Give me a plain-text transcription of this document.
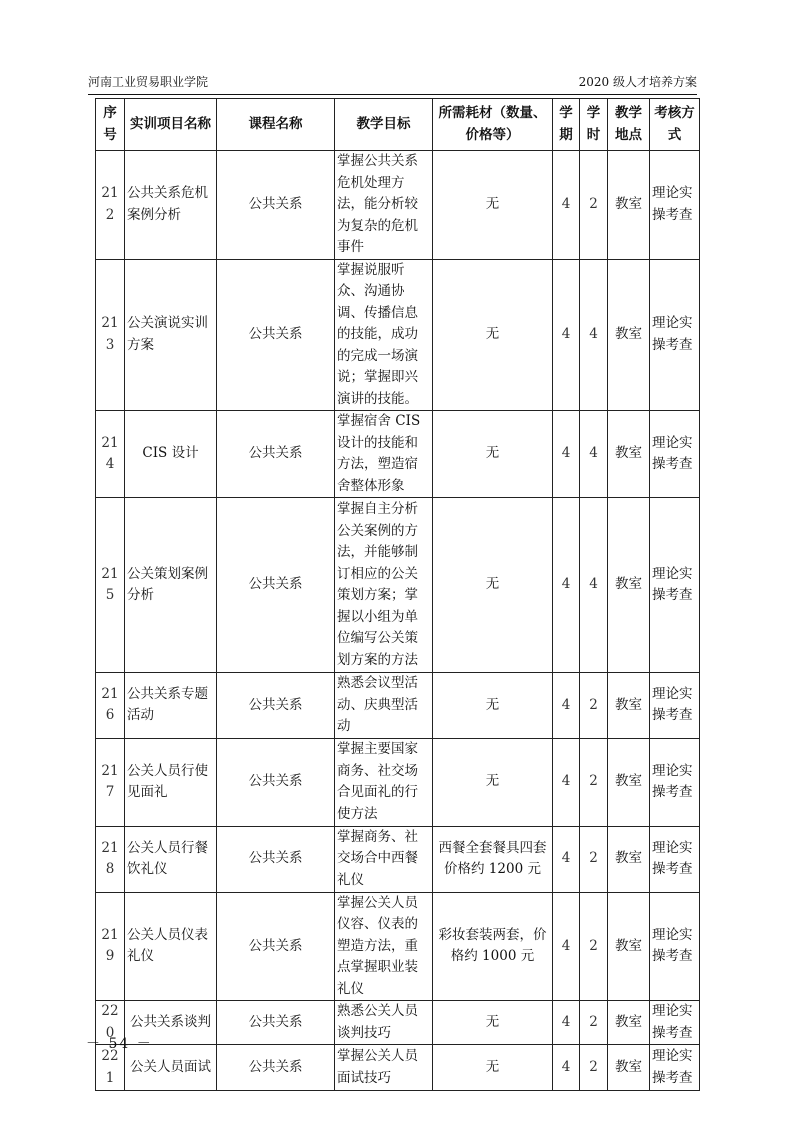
河南工业贸易职业学院	2020 级人才培养方案
序号	实训项目名称	课程名称	教学目标	所需耗材（数量、价格等）	学期	学时	教学地点	考核方式
212	公共关系危机案例分析	公共关系	掌握公共关系危机处理方法，能分析较为复杂的危机事件	无	4	2	教室	理论实操考查
213	公关演说实训方案	公共关系	掌握说服听众、沟通协调、传播信息的技能，成功的完成一场演说；掌握即兴演讲的技能。	无	4	4	教室	理论实操考查
214	CIS 设计	公共关系	掌握宿舍 CIS 设计的技能和方法，塑造宿舍整体形象	无	4	4	教室	理论实操考查
215	公关策划案例分析	公共关系	掌握自主分析公关案例的方法，并能够制订相应的公关策划方案；掌握以小组为单位编写公关策划方案的方法	无	4	4	教室	理论实操考查
216	公共关系专题活动	公共关系	熟悉会议型活动、庆典型活动	无	4	2	教室	理论实操考查
217	公关人员行使见面礼	公共关系	掌握主要国家商务、社交场合见面礼的行使方法	无	4	2	教室	理论实操考查
218	公关人员行餐饮礼仪	公共关系	掌握商务、社交场合中西餐礼仪	西餐全套餐具四套价格约 1200 元	4	2	教室	理论实操考查
219	公关人员仪表礼仪	公共关系	掌握公关人员仪容、仪表的塑造方法，重点掌握职业装礼仪	彩妆套装两套，价格约 1000 元	4	2	教室	理论实操考查
220	公共关系谈判	公共关系	熟悉公关人员谈判技巧	无	4	2	教室	理论实操考查
221	公关人员面试	公共关系	掌握公关人员面试技巧	无	4	2	教室	理论实操考查
－ 54 －
